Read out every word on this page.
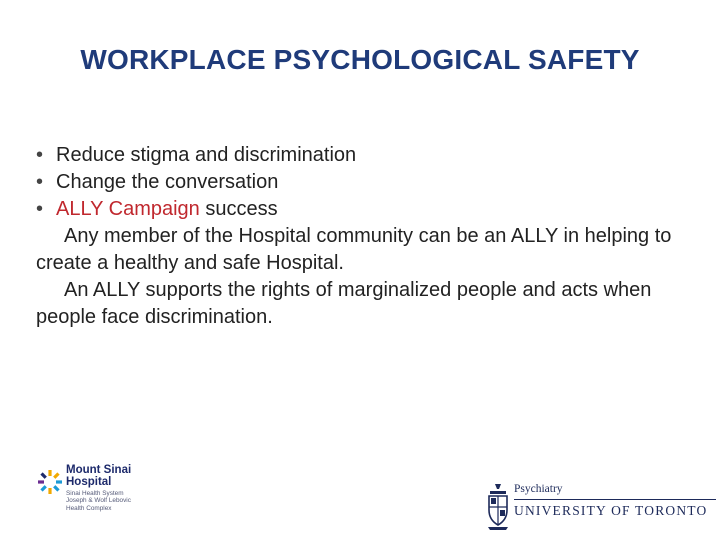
WORKPLACE PSYCHOLOGICAL SAFETY
• Reduce stigma and discrimination
• Change the conversation
• ALLY Campaign success

Any member of the Hospital community can be an ALLY in helping to create a healthy and safe Hospital.

An ALLY supports the rights of marginalized people and acts when people face discrimination.

Mount Sinai
Hospital
Sinai Health System
Joseph & Wolf Lebovic
Health Complex
Psychiatry
UNIVERSITY OF TORONTO
